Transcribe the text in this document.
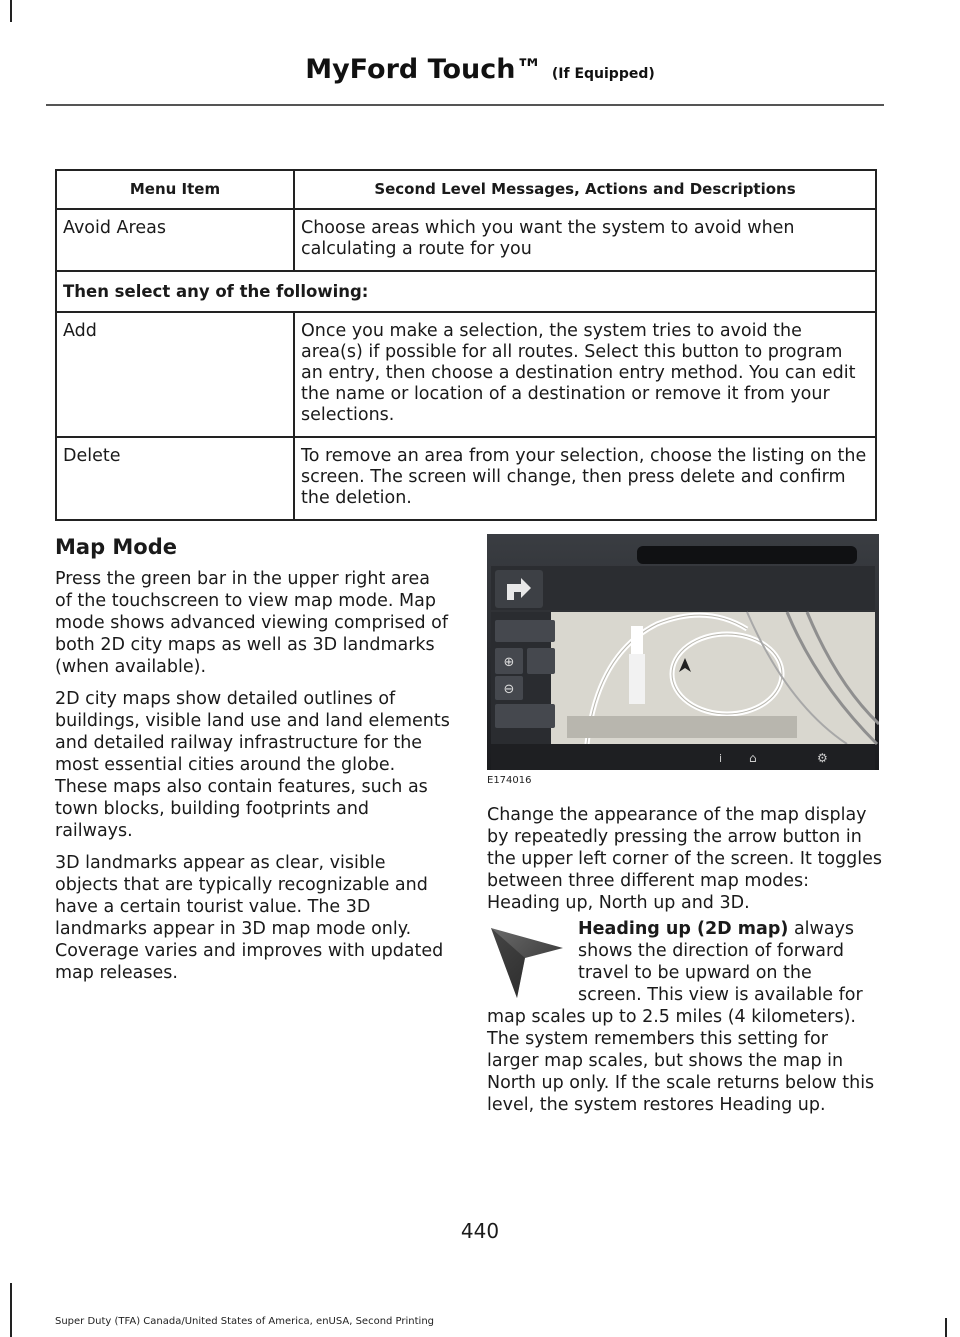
MyFord Touch™ (If Equipped)
Menu Item	Second Level Messages, Actions and Descriptions
Avoid Areas	Choose areas which you want the system to avoid when calculating a route for you
Then select any of the following:	
Add	Once you make a selection, the system tries to avoid the area(s) if possible for all routes. Select this button to program an entry, then choose a destination entry method. You can edit the name or location of a destination or remove it from your selections.
Delete	To remove an area from your selection, choose the listing on the screen. The screen will change, then press delete and confirm the deletion.
Map Mode

Press the green bar in the upper right area of the touchscreen to view map mode. Map mode shows advanced viewing comprised of both 2D city maps as well as 3D landmarks (when available).

2D city maps show detailed outlines of buildings, visible land use and land elements and detailed railway infrastructure for the most essential cities around the globe. These maps also contain features, such as town blocks, building footprints and railways.

3D landmarks appear as clear, visible objects that are typically recognizable and have a certain tourist value. The 3D landmarks appear in 3D map mode only. Coverage varies and improves with updated map releases.

⊕
⊖
i ⌂	⚙
E174016

Change the appearance of the map display by repeatedly pressing the arrow button in the upper left corner of the screen. It toggles between three different map modes: Heading up, North up and 3D.

Heading up (2D map) always shows the direction of forward travel to be upward on the screen. This view is available for map scales up to 2.5 miles (4 kilometers). The system remembers this setting for larger map scales, but shows the map in North up only. If the scale returns below this level, the system restores Heading up.
440
Super Duty (TFA) Canada/United States of America, enUSA, Second Printing
